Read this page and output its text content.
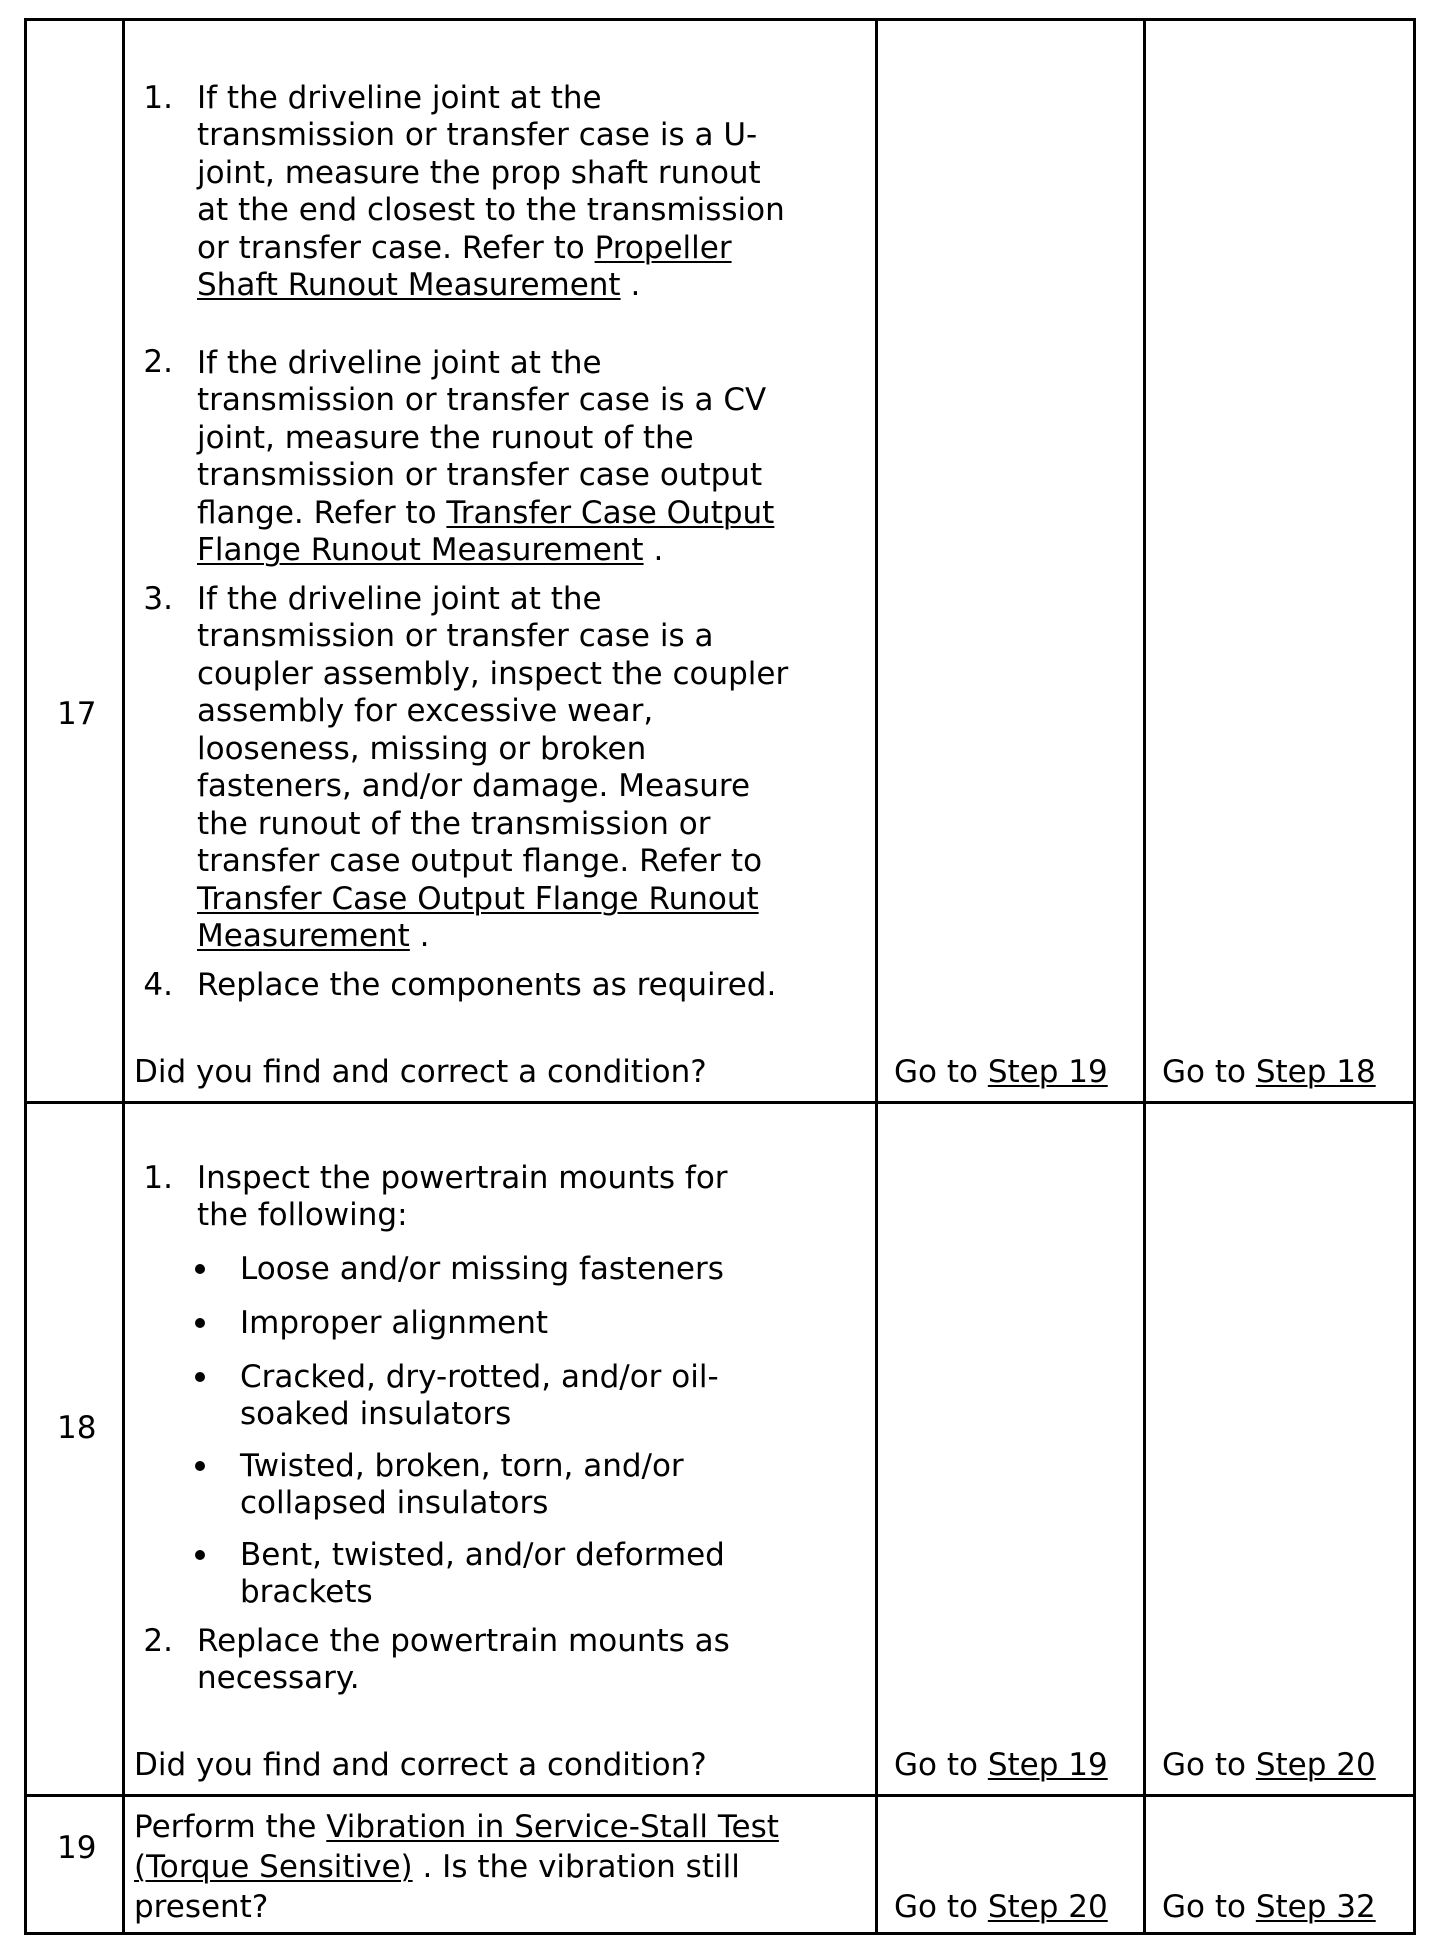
17
1. If the driveline joint at the
transmission or transfer case is a U-
joint, measure the prop shaft runout
at the end closest to the transmission
or transfer case. Refer to Propeller
Shaft Runout Measurement .
2. If the driveline joint at the
transmission or transfer case is a CV
joint, measure the runout of the
transmission or transfer case output
flange. Refer to Transfer Case Output
Flange Runout Measurement .
3. If the driveline joint at the
transmission or transfer case is a
coupler assembly, inspect the coupler
assembly for excessive wear,
looseness, missing or broken
fasteners, and/or damage. Measure
the runout of the transmission or
transfer case output flange. Refer to
Transfer Case Output Flange Runout
Measurement .
4. Replace the components as required.
Did you find and correct a condition?	Go to Step 19 Go to Step 18
18
1. Inspect the powertrain mounts for
the following:
Loose and/or missing fasteners
Improper alignment
Cracked, dry-rotted, and/or oil-
soaked insulators
Twisted, broken, torn, and/or
collapsed insulators
Bent, twisted, and/or deformed
brackets
2. Replace the powertrain mounts as
necessary.
Did you find and correct a condition?	Go to Step 19 Go to Step 20
19
Perform the Vibration in Service-Stall Test
(Torque Sensitive) . Is the vibration still
present?	Go to Step 20 Go to Step 32
